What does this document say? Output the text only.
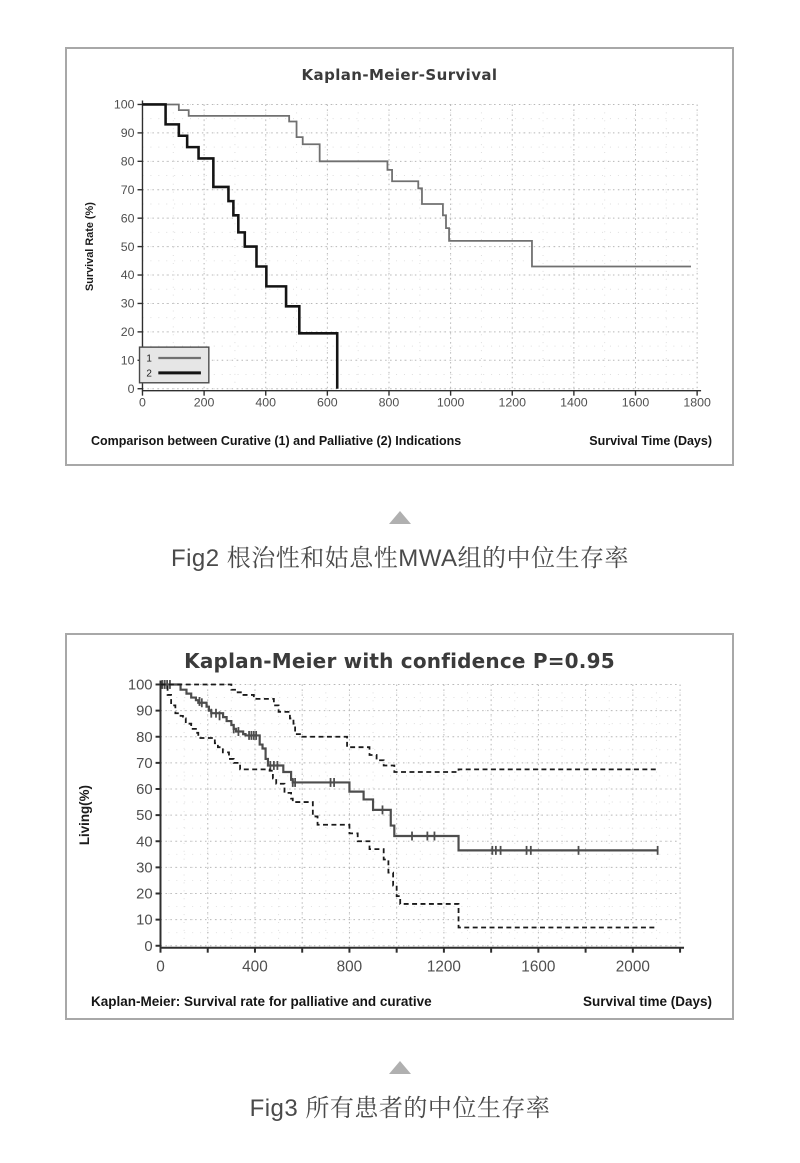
0
10
20
30
40
50
60
70
80
90
100
0	200	400	600	800	1000	1200	1400	1600	1800
Survival Rate (%)
1
2
Kaplan-Meier-Survival
Comparison between Curative (1) and Palliative (2) Indications	Survival Time (Days)
Fig2 根治性和姑息性MWA组的中位生存率
0
10
20
30
40
50
60
70
80
90
100
0	400	800	1200	1600	2000
Living(%)
Kaplan-Meier with confidence P=0.95
Kaplan-Meier: Survival rate for palliative and curative	Survival time (Days)
Fig3 所有患者的中位生存率
